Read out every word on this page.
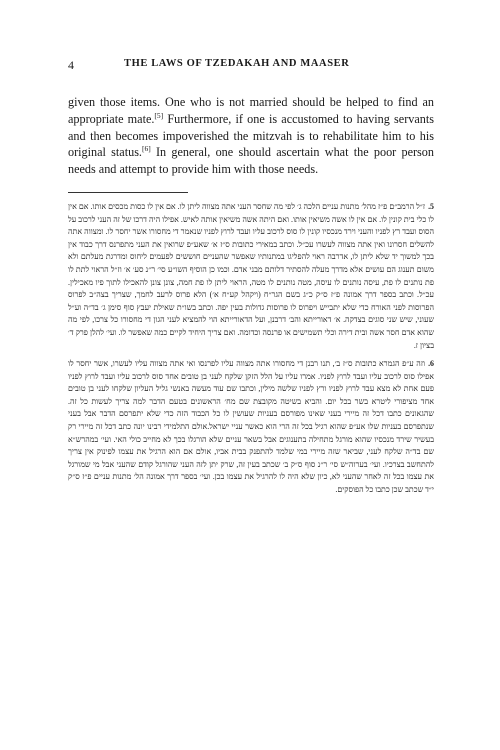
4	THE LAWS OF TZEDAKAH AND MAASER

given those items. One who is not married should be helped to find an appropriate mate.[5] Furthermore, if one is accustomed to having servants and then becomes impoverished the mitzvah is to rehabilitate him to his original status.[6] In general, one should ascertain what the poor person needs and attempt to provide him with those needs.

5.ז״ל הרמב״ם פ״ז מהל׳ מתנות עניים הלכה ג׳ לפי מה שחסר העני אתה מצווה ליתן לו. אם אין לו כסות מכסים אותו. אם אין לו כלי בית קונין לו. אם אין לו אשה משיאין אותו. ואם היתה אשה משיאין אותה לאיש. אפילו היה דרכו של זה העני לרכוב על הסוס ועבד רץ לפניו והעני וירד מנכסיו קונין לו סוס לרכוב עליו ועבד לרוץ לפניו שנאמר די מחסורו אשר יחסר לו. ומצווה אתה להשלים חסרונו ואין אתה מצווה לעשרו עכ״ל. וכתב במאירי כתובות ס״ז א׳ שאע״פ שרואין את העני מתפרנס דרך כבוד אין בכך למשוך יד שלא ליתן לו, אדרבה ראוי להפליגו במתנותיו שאפשר שהעניים חוששים לפעמים ליחוס ומדרגת מעלתם ולא משום תענוג הם עושים אלא מדרך מעלה להסתיר דלותם מבני אדם. וכמו כן הוסיף השו״ע סי׳ ר״נ סע׳ א׳ וז״ל הראוי לתת לו פת נותנים לו פת, עיסה נותנים לו עיסה, מטה נותנים לו מטה, הראוי ליתן לו פת חמה, צונן צונן להאכילו לתוך פיו מאכילין. עכ״ל. וכתב בספר דרך אמונה פ״ז ס״ק כ״ג בשם הגר״ח (ויקהל קע״ח א׳) הלא פרוס לרעב לחמך, שצריך בצה״ב לפרוס הפרוסות לפני האורח כדי שלא יתבייש ויפרוס לו פרוסות גדולות בעין יפה. וכתב בשו״ת שאילת יעבץ סוף סימן ג׳ בד״ה וע״ל שעוני, שיש שני סוגים בצדקה. א׳ דאורייתא והב׳ דרבנן, ועל הדאורייתא הוי להמציא לעני הגון די מחסורו כל צרכו, לפי מה שהוא אדם חסר אשה ובית דירה וכלי תשמישים או פרנסה וכדומה. ואם צריך היחיד לקיים כמה שאפשר לו. ועי׳ להלן פרק ד׳ בציון ז.

6.וזה ע״פ הגמרא כתובות ס״ז ב׳, תנו רבנן די מחסורו אתה מצווה עליו לפרנסו ואי אתה מצווה עליו לעשרו, אשר יחסר לו אפילו סוס לרכוב עליו ועבד לרוץ לפניו. אמרו עליו על הלל הזקן שלקח לעני בן טובים אחד סוס לרכוב עליו ועבד לרוץ לפניו פעם אחת לא מצא עבד לרוץ לפניו ורץ לפניו שלשה מילין, וכתבו שם עוד מעשה באנשי גליל העליון שלקחו לעני בן טובים אחד מציפורי ליטרא בשר בכל יום. והביא בשיטה מקובצת שם מח׳ הראשונים בטעם הדבר למה צריך לעשות כל זה. שהגאונים כתבו דכל זה מיירי בעני שאינו מפורסם בעניות שעושין לו כל הכבוד הזה כדי שלא יתפרסם הדבר אבל בעני שנתפרסם בעניות שלו אע״פ שהוא רגיל בכל זה הרי הוא כאשר עניי ישראל.אולם התלמידי רבינו יונה כתב דכל זה מיירי רק בעשיר שירד מנכסיו שהוא מורגל מתחילה בתענוגים אבל בשאר עניים שלא הורגלו בכך לא מחייב כולי האי. ועי׳ במהרש״א שם בד״ה שלקח לעני, שביאר שזה מיירי במי שלמד להתפנק בבית אביו, אולם אם הוא הרגיל את עצמו לפינוק אין צריך להתחשב בצרכיו. ועי׳ בערוה״ש סי׳ ר״נ סוף ס״ק ב׳ שכתב בעין זה, שרק יתן לזה העני שהורגל קודם שהעני אבל מי שמורגל את עצמו בכל זה לאחר שהעני לא, כיון שלא היה לו להרגיל את עצמו בכן. ועי׳ בספר דרך אמונה הל׳ מתנות עניים פ״ז ס״ק י״ד שכתב שכן כתבו כל הפוסקים.
